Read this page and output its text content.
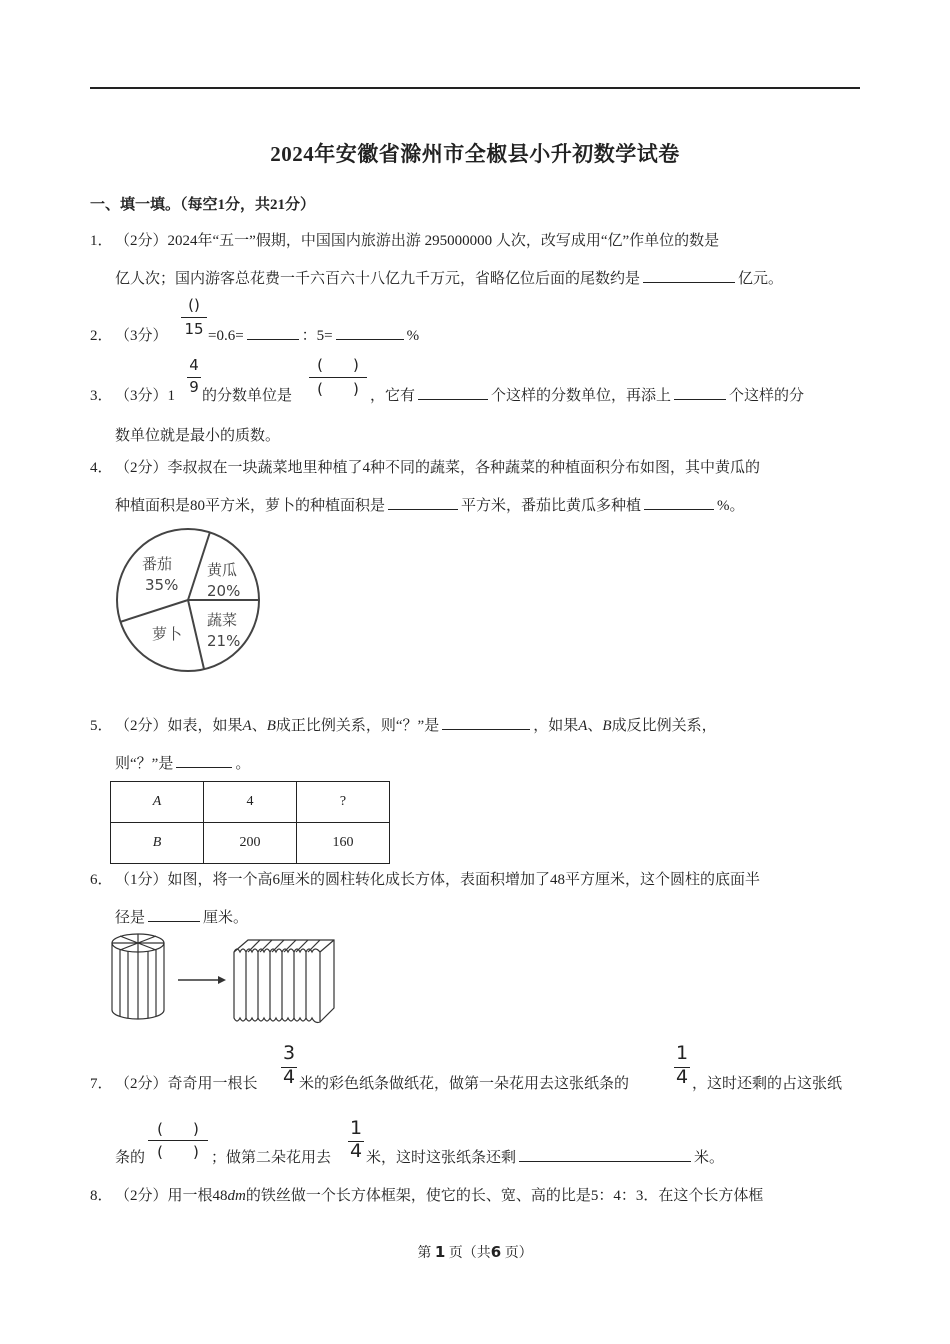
2024年安徽省滁州市全椒县小升初数学试卷
一、填一填。（每空1分，共21分）
1． （2分）2024年“五一”假期，中国国内旅游出游 295000000 人次，改写成用“亿”作单位的数是
亿人次；国内游客总花费一千六百六十八亿九千万元，省略亿位后面的尾数约是	亿元。
2． （3分）
()
15 =0.6=	：5=	%
3． （3分）1
4
9 的分数单位是
(　　)
(　　) ，它有	个这样的分数单位，再添上	个这样的分
数单位就是最小的质数。
4． （2分）李叔叔在一块蔬菜地里种植了4种不同的蔬菜，各种蔬菜的种植面积分布如图，其中黄瓜的
种植面积是80平方米，萝卜的种植面积是	平方米，番茄比黄瓜多种植	%。
番茄
35%
黄瓜
20%
蔬菜
21%
萝卜
5． （2分）如表，如果A、B成正比例关系，则“？”是	，如果A、B成反比例关系，
则“？”是	。
A	4	?
B	200	160
6． （1分）如图，将一个高6厘米的圆柱转化成长方体，表面积增加了48平方厘米，这个圆柱的底面半
径是	厘米。
7． （2分）奇奇用一根长
3
4 米的彩色纸条做纸花，做第一朵花用去这张纸条的
1
4 ，这时还剩的占这张纸
条的
(　　)
(　　) ；做第二朵花用去
1
4 米，这时这张纸条还剩	米。
8． （2分）用一根48dm的铁丝做一个长方体框架，使它的长、宽、高的比是5：4：3．在这个长方体框
第 1 页（共6 页）
